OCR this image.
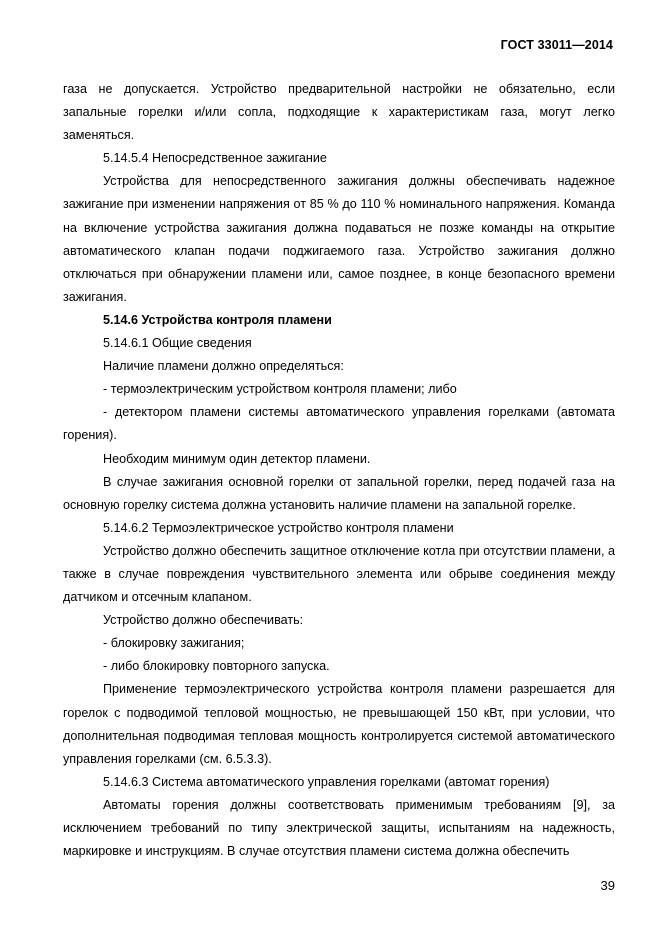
ГОСТ 33011—2014

газа не допускается. Устройство предварительной настройки не обязательно, если запальные горелки и/или сопла, подходящие к характеристикам газа, могут легко заменяться.

5.14.5.4 Непосредственное зажигание

Устройства для непосредственного зажигания должны обеспечивать надежное зажигание при изменении напряжения от 85 % до 110 % номинального напряжения. Команда на включение устройства зажигания должна подаваться не позже команды на открытие автоматического клапан подачи поджигаемого газа. Устройство зажигания должно отключаться при обнаружении пламени или, самое позднее, в конце безопасного времени зажигания.

5.14.6 Устройства контроля пламени

5.14.6.1 Общие сведения

Наличие пламени должно определяться:

- термоэлектрическим устройством контроля пламени; либо

- детектором пламени системы автоматического управления горелками (автомата горения).

Необходим минимум один детектор пламени.

В случае зажигания основной горелки от запальной горелки, перед подачей газа на основную горелку система должна установить наличие пламени на запальной горелке.

5.14.6.2 Термоэлектрическое устройство контроля пламени

Устройство должно обеспечить защитное отключение котла при отсутствии пламени, а также в случае повреждения чувствительного элемента или обрыве соединения между датчиком и отсечным клапаном.

Устройство должно обеспечивать:

- блокировку зажигания;

- либо блокировку повторного запуска.

Применение термоэлектрического устройства контроля пламени разрешается для горелок с подводимой тепловой мощностью, не превышающей 150 кВт, при условии, что дополнительная подводимая тепловая мощность контролируется системой автоматического управления горелками (см. 6.5.3.3).

5.14.6.3 Система автоматического управления горелками (автомат горения)

Автоматы горения должны соответствовать применимым требованиям [9], за исключением требований по типу электрической защиты, испытаниям на надежность, маркировке и инструкциям. В случае отсутствия пламени система должна обеспечить

39
